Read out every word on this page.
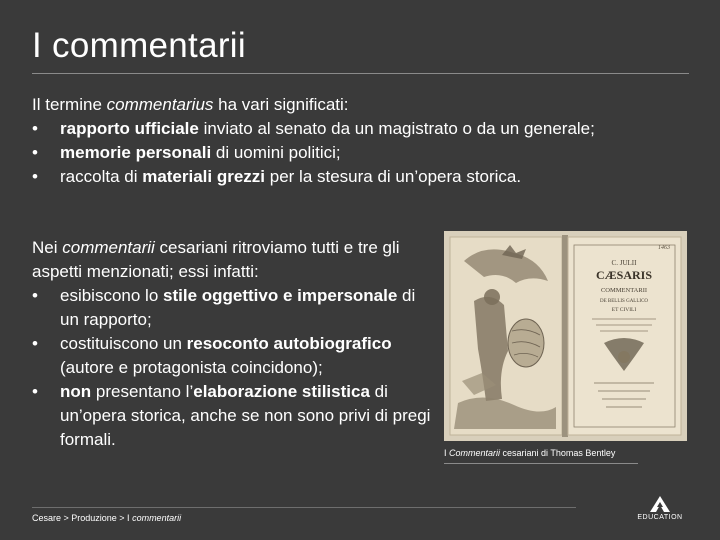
I commentarii
Il termine commentarius ha vari significati:
• rapporto ufficiale inviato al senato da un magistrato o da un generale;
• memorie personali di uomini politici;
• raccolta di materiali grezzi per la stesura di un’opera storica.
Nei commentarii cesariani ritroviamo tutti e tre gli aspetti menzionati; essi infatti:
• esibiscono lo stile oggettivo e impersonale di un rapporto;
• costituiscono un resoconto autobiografico (autore e protagonista coincidono);
• non presentano l’elaborazione stilistica di un’opera storica, anche se non sono privi di pregi formali.
C. JULII
CÆSARIS
COMMENTARII
DE BELLIS GALLICO
ET CIVILI
1463
I Commentarii cesariani di Thomas Bentley
Cesare > Produzione > I commentarii	EDUCATION
